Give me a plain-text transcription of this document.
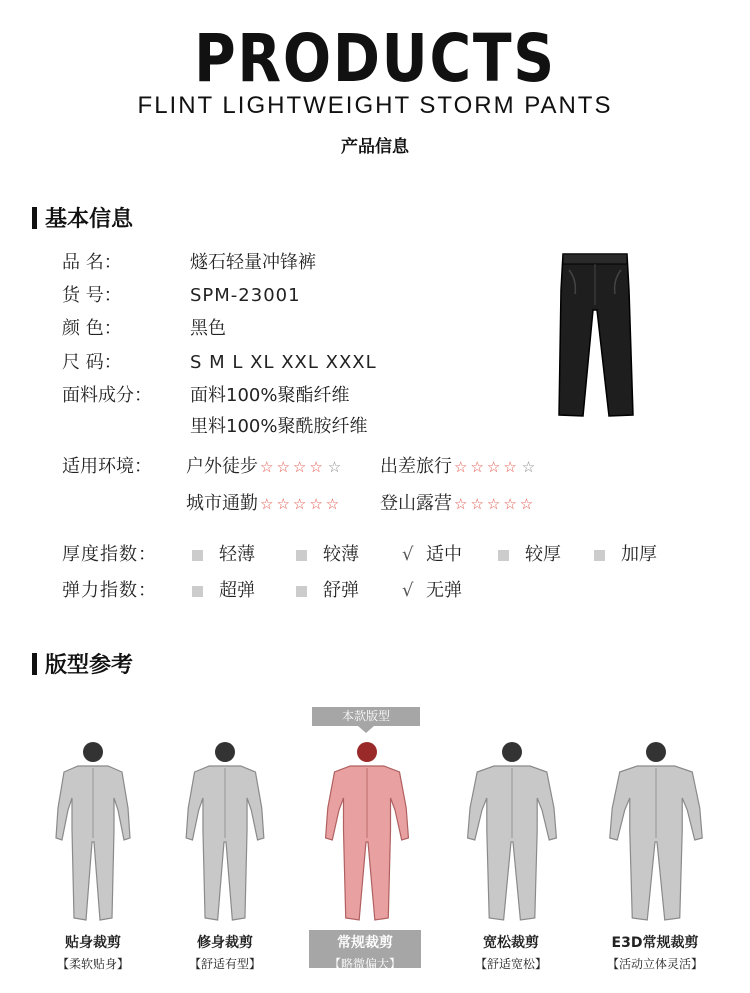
PRODUCTS
FLINT LIGHTWEIGHT STORM PANTS
产品信息
基本信息
品 名：	燧石轻量冲锋裤
货 号：	SPM-23001
颜 色：	黑色
尺 码：	S M L XL XXL XXXL
面料成分： 面料100%聚酯纤维
里料100%聚酰胺纤维
适用环境： 户外徒步 ☆☆☆☆ ☆ 出差旅行 ☆☆☆☆ ☆
城市通勤 ☆☆☆☆☆ 登山露营 ☆☆☆☆☆
厚度指数：	轻薄	较薄 √ 适中	较厚	加厚
弹力指数：	超弹	舒弹 √ 无弹
版型参考
本款版型
贴身裁剪
【柔软贴身】
修身裁剪
【舒适有型】
常规裁剪
【略微偏大】
宽松裁剪
【舒适宽松】
E3D常规裁剪
【活动立体灵活】
